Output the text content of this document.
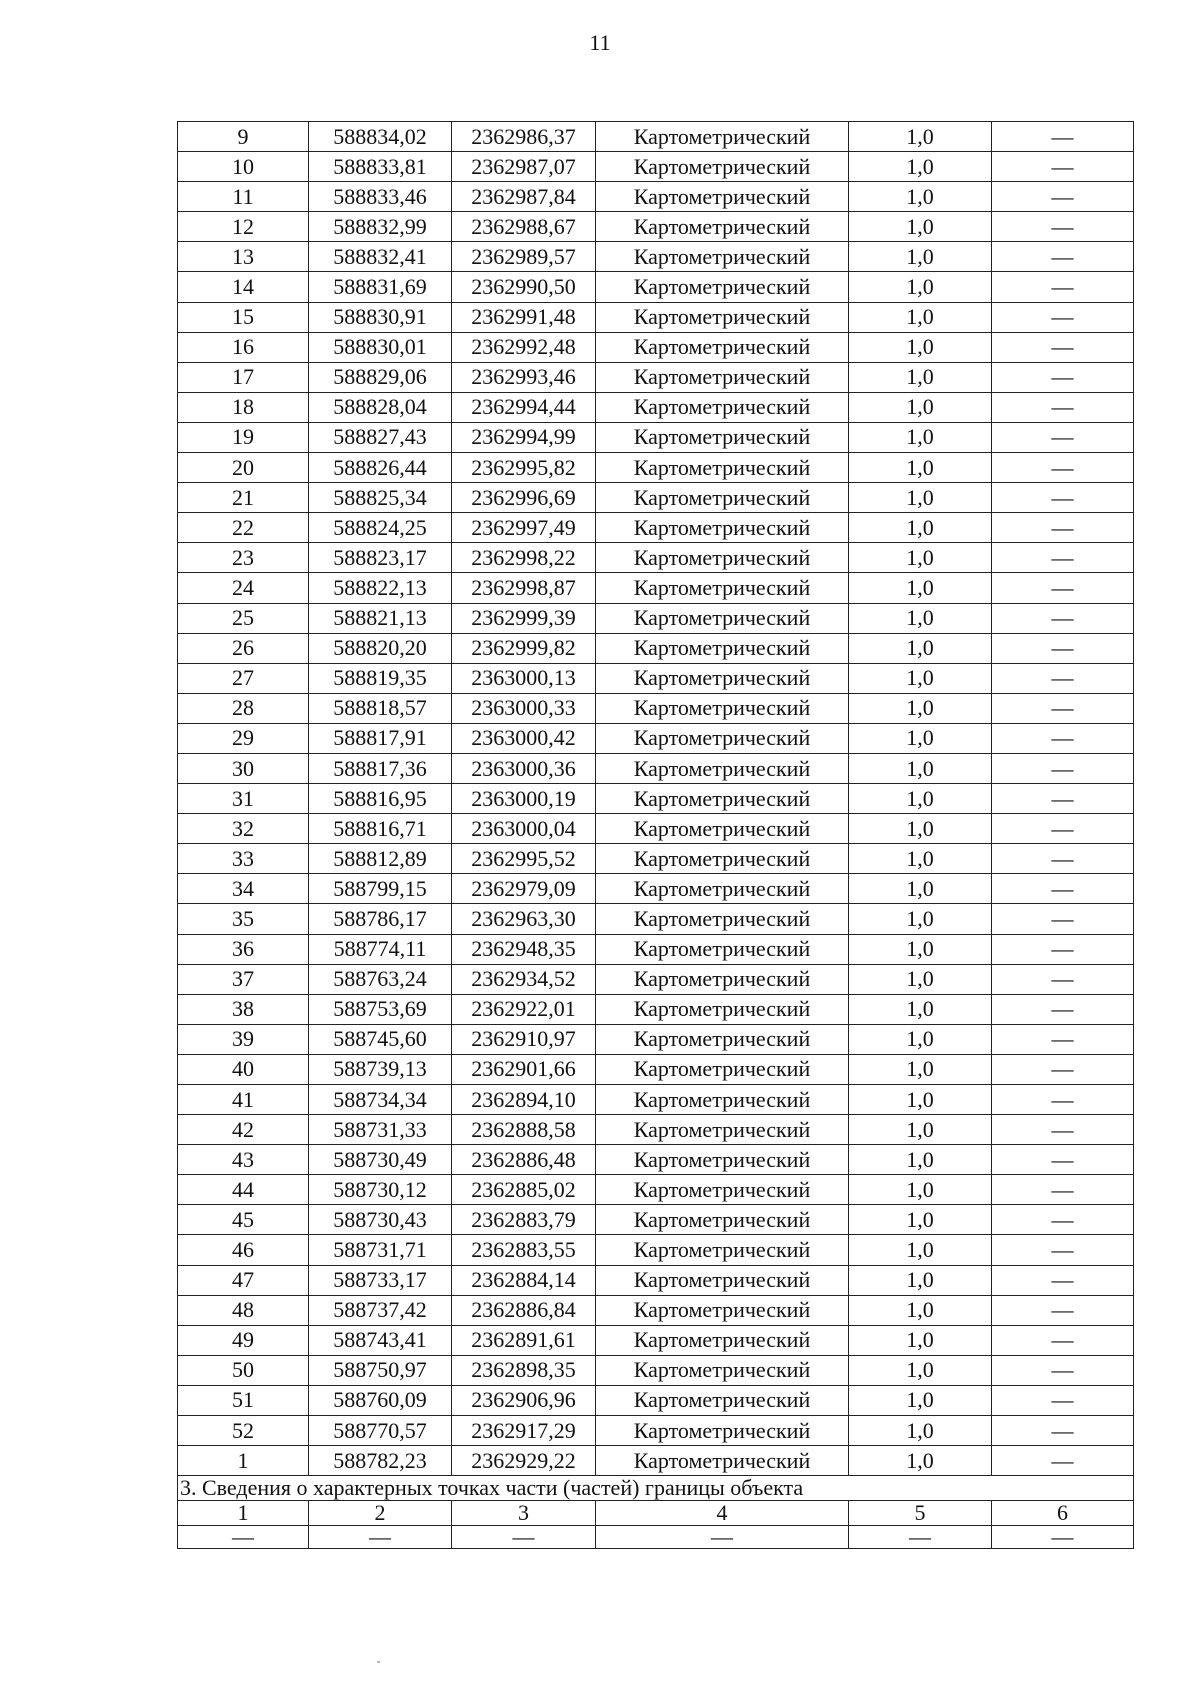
11
9	588834,02	2362986,37	Картометрический	1,0	—
10	588833,81	2362987,07	Картометрический	1,0	—
11	588833,46	2362987,84	Картометрический	1,0	—
12	588832,99	2362988,67	Картометрический	1,0	—
13	588832,41	2362989,57	Картометрический	1,0	—
14	588831,69	2362990,50	Картометрический	1,0	—
15	588830,91	2362991,48	Картометрический	1,0	—
16	588830,01	2362992,48	Картометрический	1,0	—
17	588829,06	2362993,46	Картометрический	1,0	—
18	588828,04	2362994,44	Картометрический	1,0	—
19	588827,43	2362994,99	Картометрический	1,0	—
20	588826,44	2362995,82	Картометрический	1,0	—
21	588825,34	2362996,69	Картометрический	1,0	—
22	588824,25	2362997,49	Картометрический	1,0	—
23	588823,17	2362998,22	Картометрический	1,0	—
24	588822,13	2362998,87	Картометрический	1,0	—
25	588821,13	2362999,39	Картометрический	1,0	—
26	588820,20	2362999,82	Картометрический	1,0	—
27	588819,35	2363000,13	Картометрический	1,0	—
28	588818,57	2363000,33	Картометрический	1,0	—
29	588817,91	2363000,42	Картометрический	1,0	—
30	588817,36	2363000,36	Картометрический	1,0	—
31	588816,95	2363000,19	Картометрический	1,0	—
32	588816,71	2363000,04	Картометрический	1,0	—
33	588812,89	2362995,52	Картометрический	1,0	—
34	588799,15	2362979,09	Картометрический	1,0	—
35	588786,17	2362963,30	Картометрический	1,0	—
36	588774,11	2362948,35	Картометрический	1,0	—
37	588763,24	2362934,52	Картометрический	1,0	—
38	588753,69	2362922,01	Картометрический	1,0	—
39	588745,60	2362910,97	Картометрический	1,0	—
40	588739,13	2362901,66	Картометрический	1,0	—
41	588734,34	2362894,10	Картометрический	1,0	—
42	588731,33	2362888,58	Картометрический	1,0	—
43	588730,49	2362886,48	Картометрический	1,0	—
44	588730,12	2362885,02	Картометрический	1,0	—
45	588730,43	2362883,79	Картометрический	1,0	—
46	588731,71	2362883,55	Картометрический	1,0	—
47	588733,17	2362884,14	Картометрический	1,0	—
48	588737,42	2362886,84	Картометрический	1,0	—
49	588743,41	2362891,61	Картометрический	1,0	—
50	588750,97	2362898,35	Картометрический	1,0	—
51	588760,09	2362906,96	Картометрический	1,0	—
52	588770,57	2362917,29	Картометрический	1,0	—
1	588782,23	2362929,22	Картометрический	1,0	—
3. Сведения о характерных точках части (частей) границы объекта					
1	2	3	4	5	6
—	—	—	—	—	—
